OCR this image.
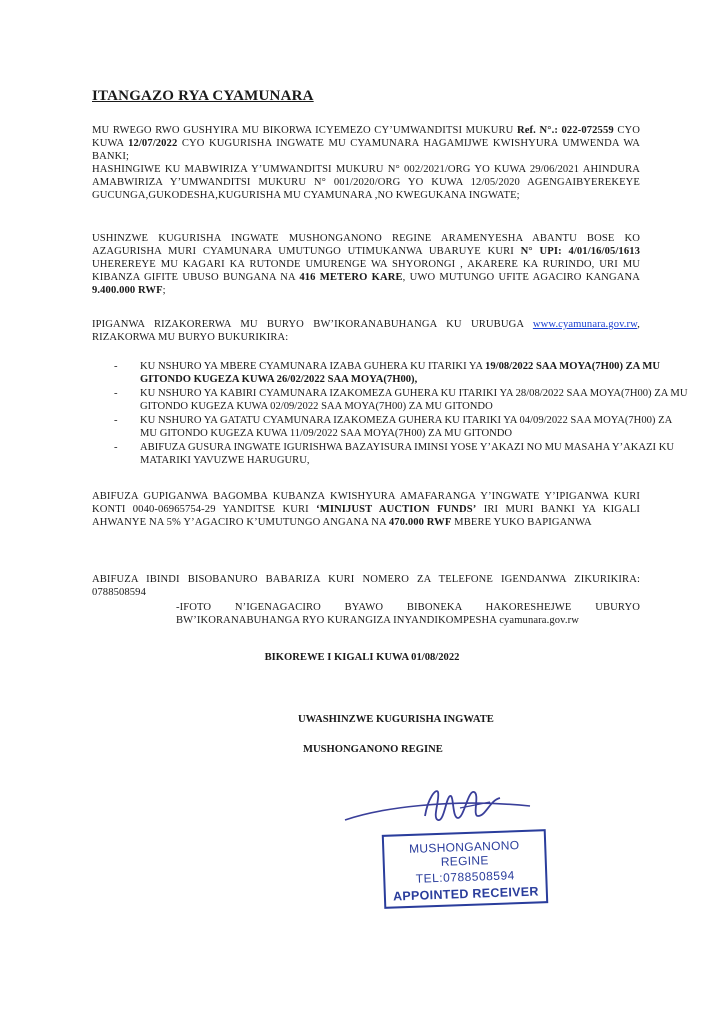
ITANGAZO RYA CYAMUNARA
MU RWEGO RWO GUSHYIRA MU BIKORWA ICYEMEZO CY’UMWANDITSI MUKURU Ref. N°.: 022-072559 CYO KUWA 12/07/2022 CYO KUGURISHA INGWATE MU CYAMUNARA HAGAMIJWE KWISHYURA UMWENDA WA BANKI;
HASHINGIWE KU MABWIRIZA Y’UMWANDITSI MUKURU N° 002/2021/ORG YO KUWA 29/06/2021 AHINDURA AMABWIRIZA Y’UMWANDITSI MUKURU N° 001/2020/ORG YO KUWA 12/05/2020 AGENGAIBYEREKEYE GUCUNGA,GUKODESHA,KUGURISHA MU CYAMUNARA ,NO KWEGUKANA INGWATE;
USHINZWE KUGURISHA INGWATE MUSHONGANONO REGINE ARAMENYESHA ABANTU BOSE KO AZAGURISHA MURI CYAMUNARA UMUTUNGO UTIMUKANWA UBARUYE KURI N° UPI: 4/01/16/05/1613 UHEREREYE MU KAGARI KA RUTONDE UMURENGE WA SHYORONGI , AKARERE KA RURINDO, URI MU KIBANZA GIFITE UBUSO BUNGANA NA 416 METERO KARE, UWO MUTUNGO UFITE AGACIRO KANGANA 9.400.000 RWF;
IPIGANWA RIZAKORERWA MU BURYO BW’IKORANABUHANGA KU URUBUGA www.cyamunara.gov.rw, RIZAKORWA MU BURYO BUKURIKIRA:
- KU NSHURO YA MBERE CYAMUNARA IZABA GUHERA KU ITARIKI YA 19/08/2022 SAA MOYA(7H00) ZA MU GITONDO KUGEZA KUWA 26/02/2022 SAA MOYA(7H00),
- KU NSHURO YA KABIRI CYAMUNARA IZAKOMEZA GUHERA KU ITARIKI YA 28/08/2022 SAA MOYA(7H00) ZA MU GITONDO KUGEZA KUWA 02/09/2022 SAA MOYA(7H00) ZA MU GITONDO
- KU NSHURO YA GATATU CYAMUNARA IZAKOMEZA GUHERA KU ITARIKI YA 04/09/2022 SAA MOYA(7H00) ZA MU GITONDO KUGEZA KUWA 11/09/2022 SAA MOYA(7H00) ZA MU GITONDO
- ABIFUZA GUSURA INGWATE IGURISHWA BAZAYISURA IMINSI YOSE Y’AKAZI NO MU MASAHA Y’AKAZI KU MATARIKI YAVUZWE HARUGURU,
ABIFUZA GUPIGANWA BAGOMBA KUBANZA KWISHYURA AMAFARANGA Y’INGWATE Y’IPIGANWA KURI KONTI 0040-06965754-29 YANDITSE KURI ‘MINIJUST AUCTION FUNDS’ IRI MURI BANKI YA KIGALI AHWANYE NA 5% Y’AGACIRO K’UMUTUNGO ANGANA NA 470.000 RWF MBERE YUKO BAPIGANWA
ABIFUZA IBINDI BISOBANURO BABARIZA KURI NOMERO ZA TELEFONE IGENDANWA ZIKURIKIRA: 0788508594
-IFOTO N’IGENAGACIRO BYAWO BIBONEKA HAKORESHEJWE UBURYO BW’IKORANABUHANGA RYO KURANGIZA INYANDIKOMPESHA cyamunara.gov.rw
BIKOREWE I KIGALI KUWA 01/08/2022
UWASHINZWE KUGURISHA INGWATE
MUSHONGANONO REGINE
MUSHONGANONO REGINE
TEL:0788508594
APPOINTED RECEIVER
